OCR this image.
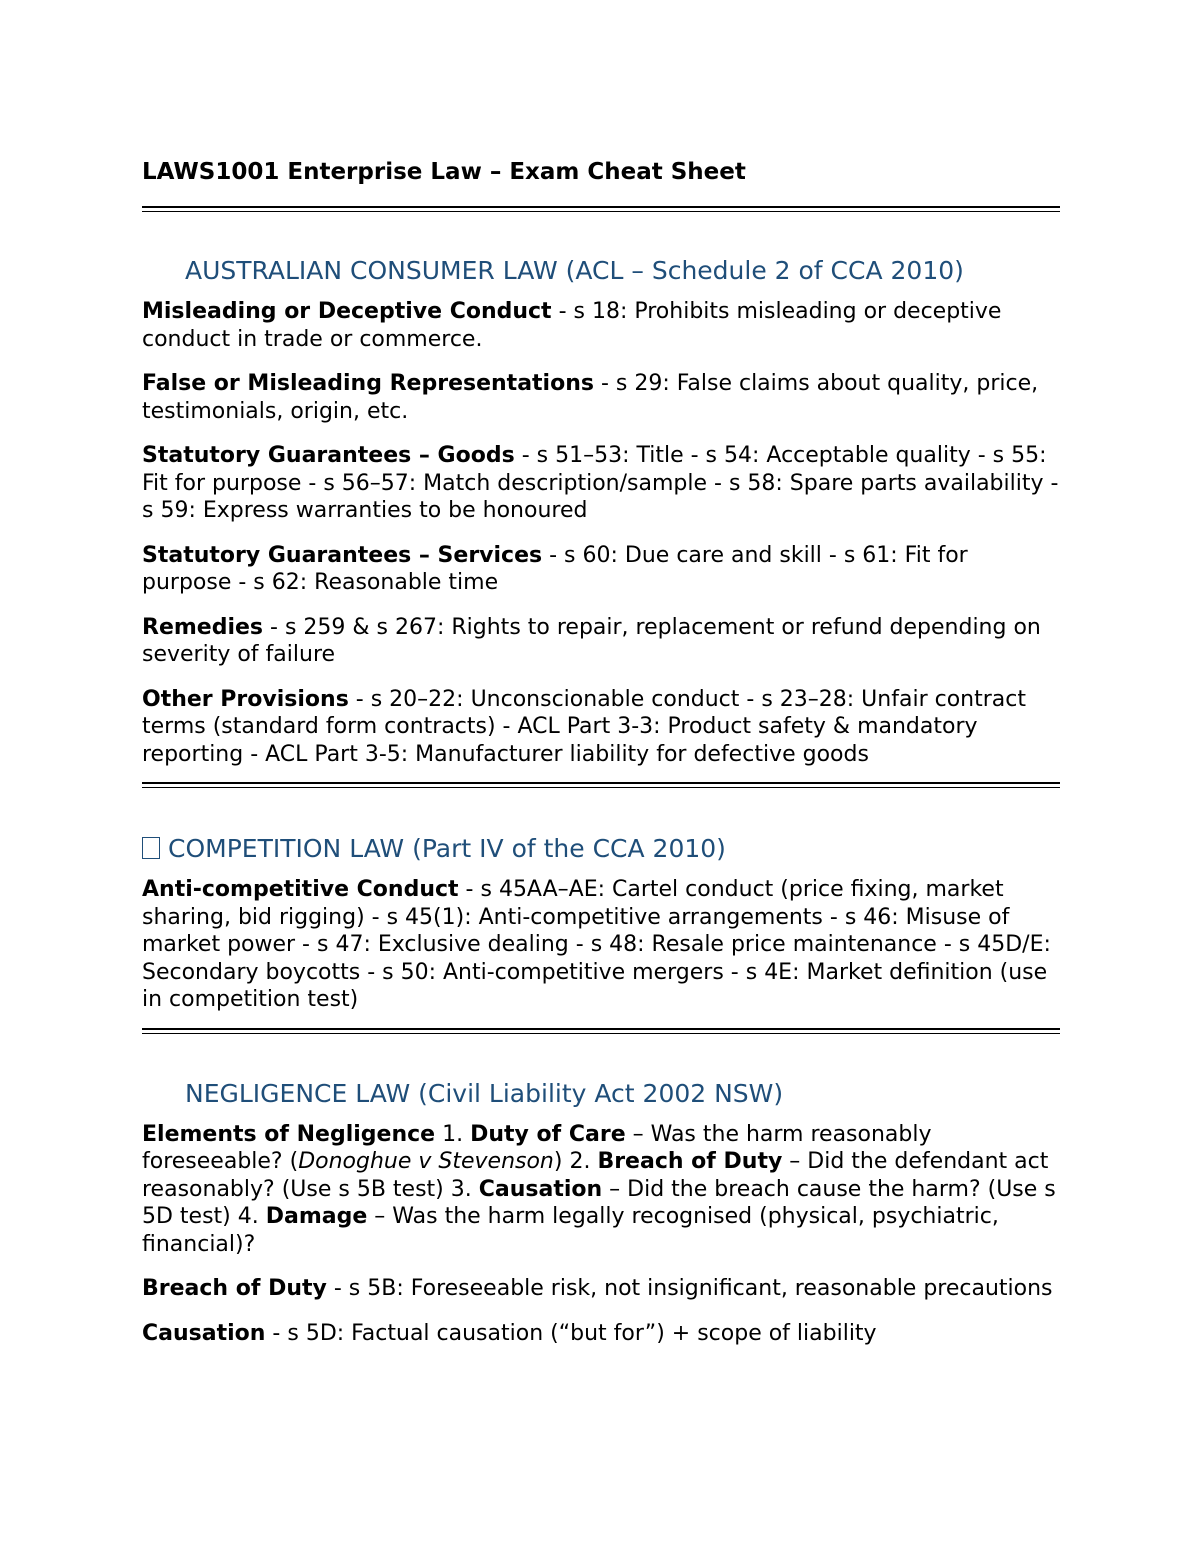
LAWS1001 Enterprise Law – Exam Cheat Sheet
AUSTRALIAN CONSUMER LAW (ACL – Schedule 2 of CCA 2010)

Misleading or Deceptive Conduct - s 18: Prohibits misleading or deceptive conduct in trade or commerce.

False or Misleading Representations - s 29: False claims about quality, price, testimonials, origin, etc.

Statutory Guarantees – Goods - s 51–53: Title - s 54: Acceptable quality - s 55: Fit for purpose - s 56–57: Match description/sample - s 58: Spare parts availability - s 59: Express warranties to be honoured

Statutory Guarantees – Services - s 60: Due care and skill - s 61: Fit for purpose - s 62: Reasonable time

Remedies - s 259 & s 267: Rights to repair, replacement or refund depending on severity of failure

Other Provisions - s 20–22: Unconscionable conduct - s 23–28: Unfair contract terms (standard form contracts) - ACL Part 3-3: Product safety & mandatory reporting - ACL Part 3-5: Manufacturer liability for defective goods

COMPETITION LAW (Part IV of the CCA 2010)

Anti-competitive Conduct - s 45AA–AE: Cartel conduct (price fixing, market sharing, bid rigging) - s 45(1): Anti-competitive arrangements - s 46: Misuse of market power - s 47: Exclusive dealing - s 48: Resale price maintenance - s 45D/E: Secondary boycotts - s 50: Anti-competitive mergers - s 4E: Market definition (use in competition test)

NEGLIGENCE LAW (Civil Liability Act 2002 NSW)

Elements of Negligence 1. Duty of Care – Was the harm reasonably foreseeable? (Donoghue v Stevenson) 2. Breach of Duty – Did the defendant act reasonably? (Use s 5B test) 3. Causation – Did the breach cause the harm? (Use s 5D test) 4. Damage – Was the harm legally recognised (physical, psychiatric, financial)?

Breach of Duty - s 5B: Foreseeable risk, not insignificant, reasonable precautions

Causation - s 5D: Factual causation (“but for”) + scope of liability
